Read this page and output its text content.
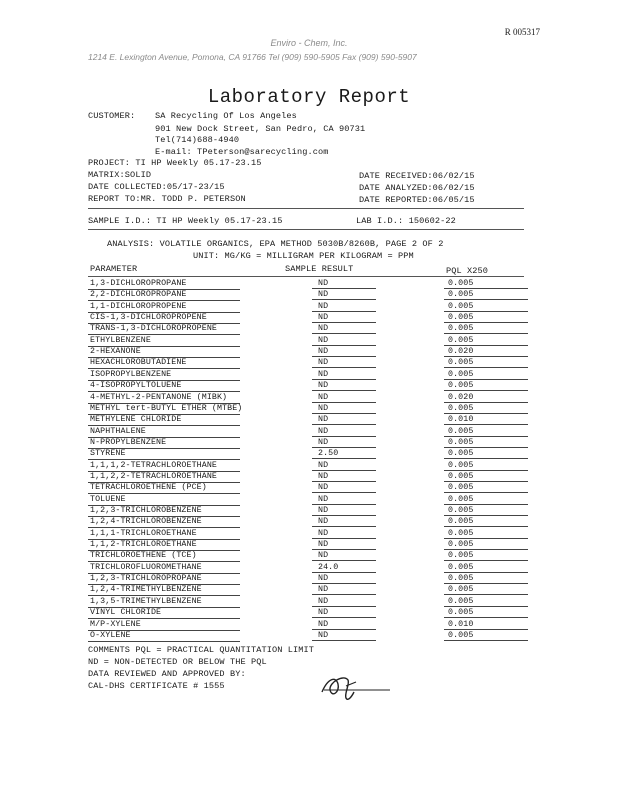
R 005317
Enviro - Chem, Inc.
1214 E. Lexington Avenue, Pomona, CA 91766 Tel (909) 590-5905 Fax (909) 590-5907
Laboratory Report
CUSTOMER: SA Recycling Of Los Angeles
901 New Dock Street, San Pedro, CA 90731
Tel(714)688-4940
E-mail: TPeterson@sarecycling.com
PROJECT: TI HP Weekly 05.17-23.15
MATRIX:SOLID
DATE COLLECTED:05/17-23/15
REPORT TO:MR. TODD P. PETERSON
DATE RECEIVED:06/02/15
DATE ANALYZED:06/02/15
DATE REPORTED:06/05/15
SAMPLE I.D.: TI HP Weekly 05.17-23.15	LAB I.D.: 150602-22
ANALYSIS: VOLATILE ORGANICS, EPA METHOD 5030B/8260B, PAGE 2 OF 2
UNIT: MG/KG = MILLIGRAM PER KILOGRAM = PPM
PARAMETER	SAMPLE RESULT	PQL X250
1,3-DICHLOROPROPANE	ND	0.005
2,2-DICHLOROPROPANE	ND	0.005
1,1-DICHLOROPROPENE	ND	0.005
CIS-1,3-DICHLOROPROPENE	ND	0.005
TRANS-1,3-DICHLOROPROPENE	ND	0.005
ETHYLBENZENE	ND	0.005
2-HEXANONE	ND	0.020
HEXACHLOROBUTADIENE	ND	0.005
ISOPROPYLBENZENE	ND	0.005
4-ISOPROPYLTOLUENE	ND	0.005
4-METHYL-2-PENTANONE (MIBK)	ND	0.020
METHYL tert-BUTYL ETHER (MTBE)	ND	0.005
METHYLENE CHLORIDE	ND	0.010
NAPHTHALENE	ND	0.005
N-PROPYLBENZENE	ND	0.005
STYRENE	2.50	0.005
1,1,1,2-TETRACHLOROETHANE	ND	0.005
1,1,2,2-TETRACHLOROETHANE	ND	0.005
TETRACHLOROETHENE (PCE)	ND	0.005
TOLUENE	ND	0.005
1,2,3-TRICHLOROBENZENE	ND	0.005
1,2,4-TRICHLOROBENZENE	ND	0.005
1,1,1-TRICHLOROETHANE	ND	0.005
1,1,2-TRICHLOROETHANE	ND	0.005
TRICHLOROETHENE (TCE)	ND	0.005
TRICHLOROFLUOROMETHANE	24.0	0.005
1,2,3-TRICHLOROPROPANE	ND	0.005
1,2,4-TRIMETHYLBENZENE	ND	0.005
1,3,5-TRIMETHYLBENZENE	ND	0.005
VINYL CHLORIDE	ND	0.005
M/P-XYLENE	ND	0.010
O-XYLENE	ND	0.005
COMMENTS PQL = PRACTICAL QUANTITATION LIMIT
ND = NON-DETECTED OR BELOW THE PQL
DATA REVIEWED AND APPROVED BY:
CAL-DHS CERTIFICATE # 1555
